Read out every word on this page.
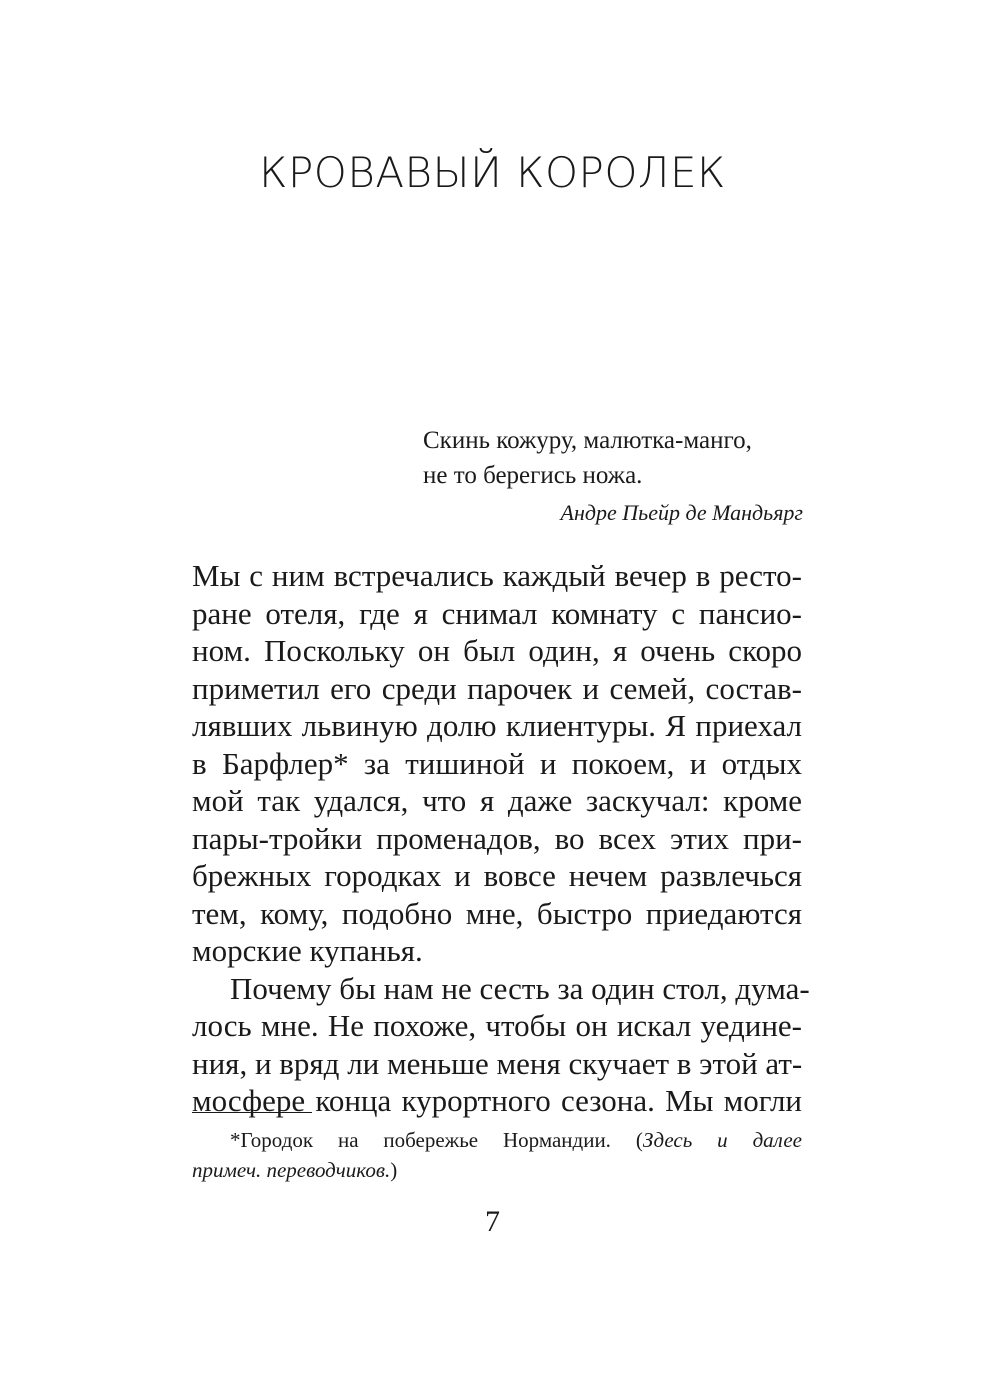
КРОВАВЫЙ КОРОЛЕК
Скинь кожуру, малютка-манго,
не то берегись ножа.
Андре Пьейр де Мандьярг
Мы с ним встречались каждый вечер в ресто-
ране отеля, где я снимал комнату с пансио-
ном. Поскольку он был один, я очень скоро
приметил его среди парочек и семей, состав-
лявших львиную долю клиентуры. Я приехал
в Барфлер* за тишиной и покоем, и отдых
мой так удался, что я даже заскучал: кроме
пары-тройки променадов, во всех этих при-
брежных городках и вовсе нечем развлечься
тем, кому, подобно мне, быстро приедаются
морские купанья.
Почему бы нам не сесть за один стол, дума-
лось мне. Не похоже, чтобы он искал уедине-
ния, и вряд ли меньше меня скучает в этой ат-
мосфере конца курортного сезона. Мы могли
*Городок на побережье Нормандии. (Здесь и далее
примеч. переводчиков.)
7
